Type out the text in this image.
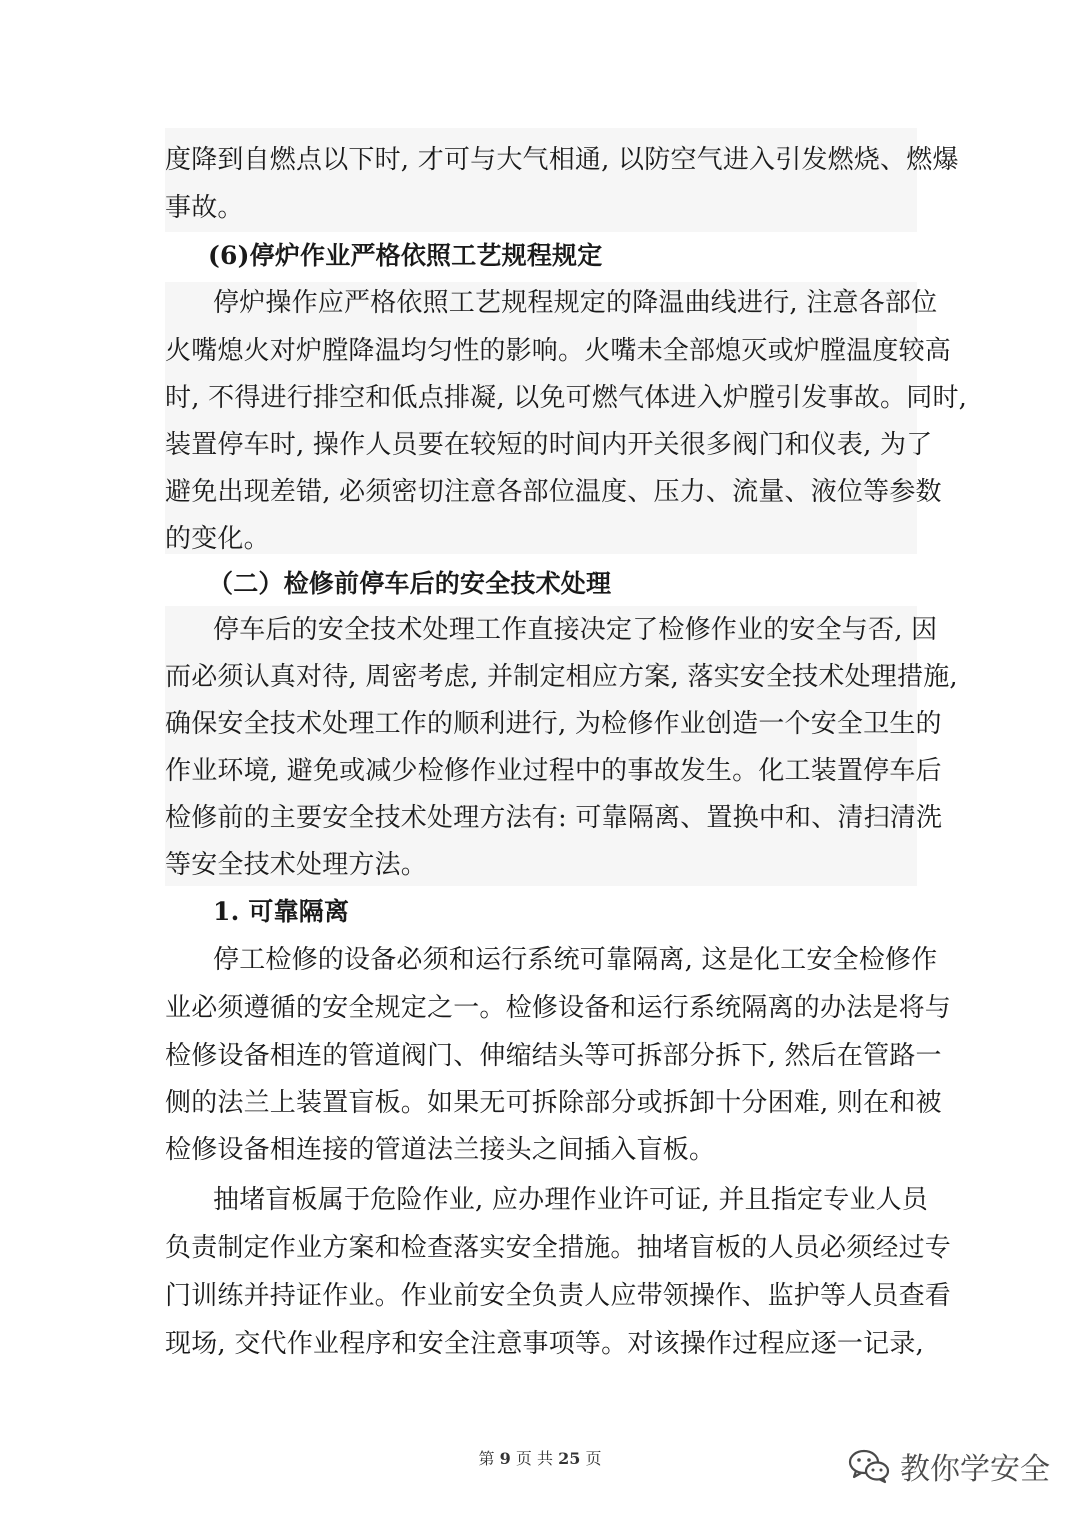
度降到自燃点以下时, 才可与大气相通, 以防空气进入引发燃烧、燃爆
事故。
(6)停炉作业严格依照工艺规程规定
停炉操作应严格依照工艺规程规定的降温曲线进行, 注意各部位
火嘴熄火对炉膛降温均匀性的影响。火嘴未全部熄灭或炉膛温度较高
时, 不得进行排空和低点排凝, 以免可燃气体进入炉膛引发事故。同时,
装置停车时, 操作人员要在较短的时间内开关很多阀门和仪表, 为了
避免出现差错, 必须密切注意各部位温度、压力、流量、液位等参数
的变化。
（二）检修前停车后的安全技术处理
停车后的安全技术处理工作直接决定了检修作业的安全与否, 因
而必须认真对待, 周密考虑, 并制定相应方案, 落实安全技术处理措施,
确保安全技术处理工作的顺利进行, 为检修作业创造一个安全卫生的
作业环境, 避免或减少检修作业过程中的事故发生。化工装置停车后
检修前的主要安全技术处理方法有: 可靠隔离、置换中和、清扫清洗
等安全技术处理方法。
1. 可靠隔离
停工检修的设备必须和运行系统可靠隔离, 这是化工安全检修作
业必须遵循的安全规定之一。检修设备和运行系统隔离的办法是将与
检修设备相连的管道阀门、伸缩结头等可拆部分拆下, 然后在管路一
侧的法兰上装置盲板。如果无可拆除部分或拆卸十分困难, 则在和被
检修设备相连接的管道法兰接头之间插入盲板。
抽堵盲板属于危险作业, 应办理作业许可证, 并且指定专业人员
负责制定作业方案和检查落实安全措施。抽堵盲板的人员必须经过专
门训练并持证作业。作业前安全负责人应带领操作、监护等人员查看
现场, 交代作业程序和安全注意事项等。对该操作过程应逐一记录,
第 9 页 共 25 页	教你学安全
